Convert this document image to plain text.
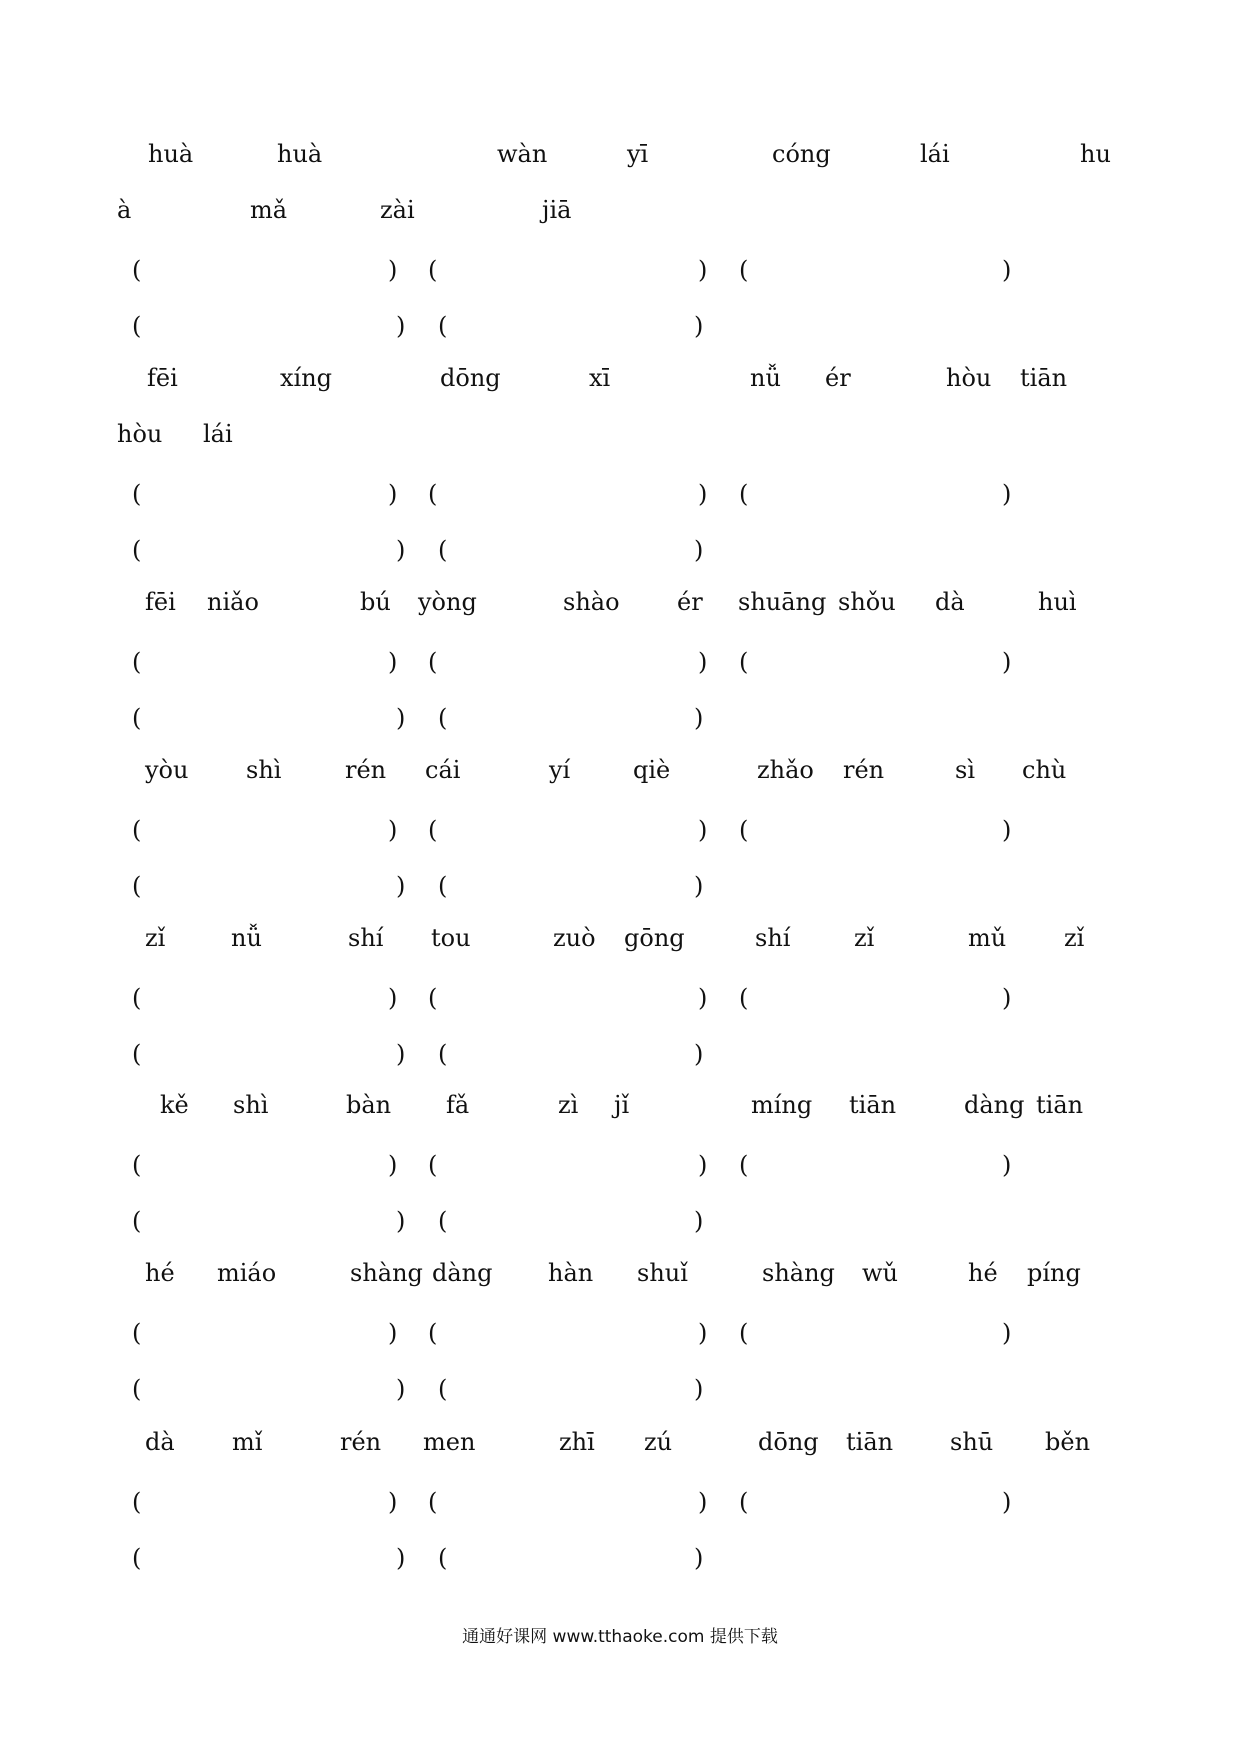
通通好课网 www.tthaoke.com 提供下载
huà	huà	wàn	yī	cóng	lái	hu
à	mǎ	zài	jiā
(	) (	) (	)
(	) (	)
fēi	xíng	dōng	xī	nǚ ér	hòu tiān
hòu lái
(	) (	) (	)
(	) (	)
fēi niǎo	bú yòng	shào ér shuāng shǒu dà	huì
(	) (	) (	)
(	) (	)
yòu shì	rén cái	yí	qiè	zhǎo rén	sì chù
(	) (	) (	)
(	) (	)
zǐ	nǚ	shí tou	zuò gōng	shí	zǐ	mǔ zǐ
(	) (	) (	)
(	) (	)
kě shì	bàn fǎ	zì jǐ	míng tiān	dàng tiān
(	) (	) (	)
(	) (	)
hé miáo	shàng dàng hàn shuǐ	shàng wǔ	hé píng
(	) (	) (	)
(	) (	)
dà mǐ	rén men	zhī zú	dōng tiān shū běn
(	) (	) (	)
(	) (	)
